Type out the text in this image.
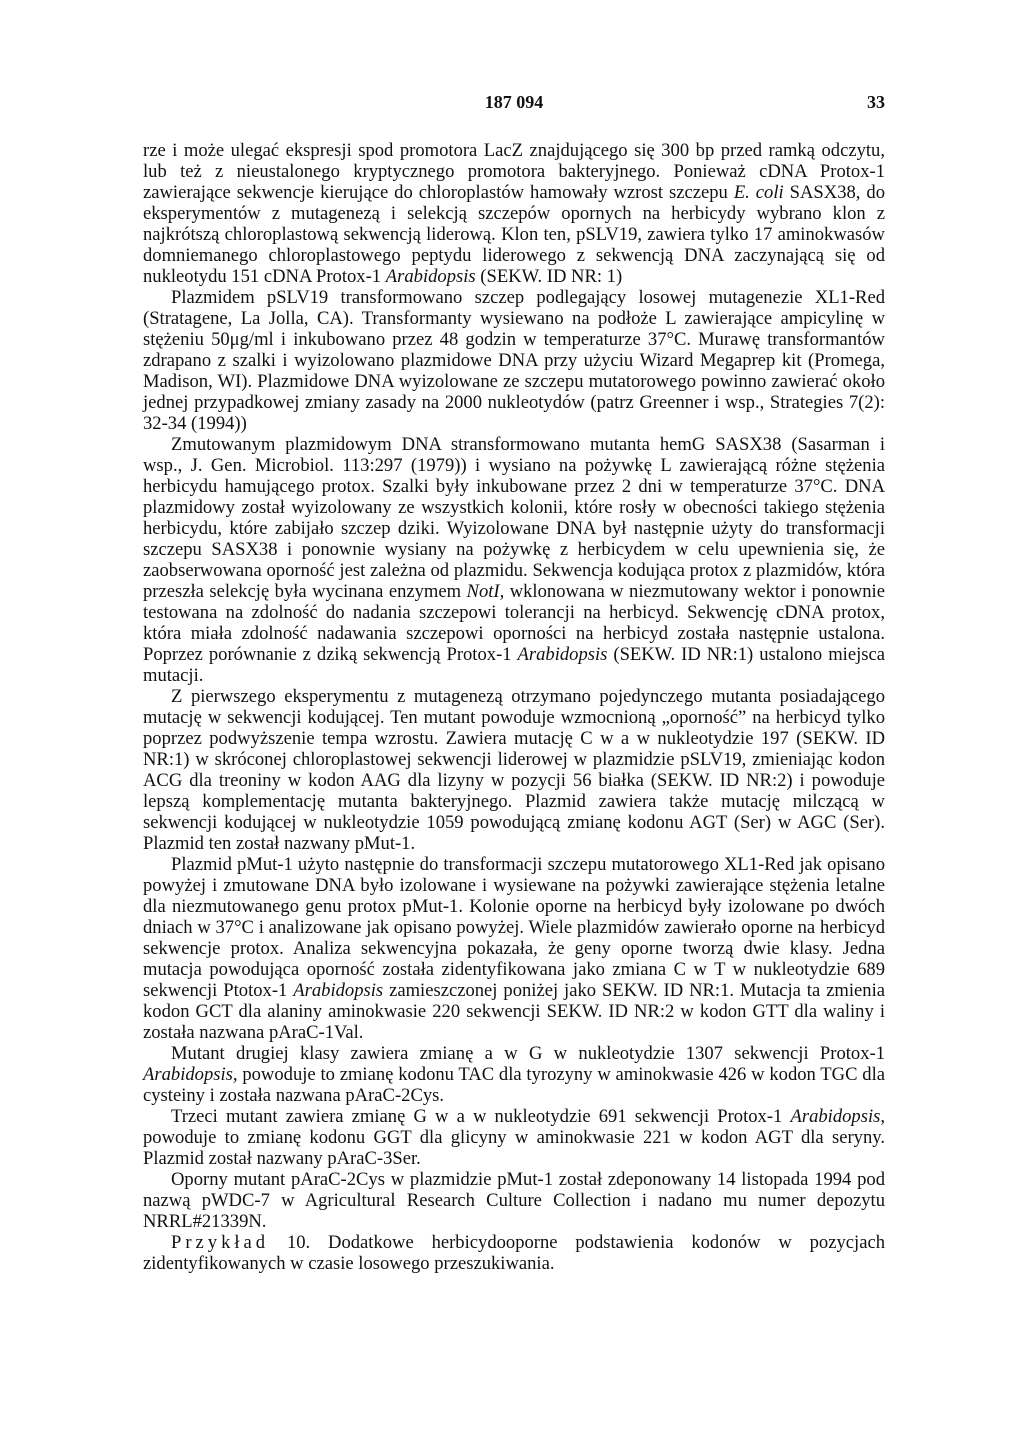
187 094	33

rze i może ulegać ekspresji spod promotora LacZ znajdującego się 300 bp przed ramką odczytu, lub też z nieustalonego kryptycznego promotora bakteryjnego. Ponieważ cDNA Protox-1 zawierające sekwencje kierujące do chloroplastów hamowały wzrost szczepu E. coli SASX38, do eksperymentów z mutagenezą i selekcją szczepów opornych na herbicydy wybrano klon z najkrótszą chloroplastową sekwencją liderową. Klon ten, pSLV19, zawiera tylko 17 aminokwasów domniemanego chloroplastowego peptydu liderowego z sekwencją DNA zaczynającą się od nukleotydu 151 cDNA Protox-1 Arabidopsis (SEKW. ID NR: 1)

Plazmidem pSLV19 transformowano szczep podlegający losowej mutagenezie XL1-Red (Stratagene, La Jolla, CA). Transformanty wysiewano na podłoże L zawierające ampicylinę w stężeniu 50μg/ml i inkubowano przez 48 godzin w temperaturze 37°C. Murawę transformantów zdrapano z szalki i wyizolowano plazmidowe DNA przy użyciu Wizard Megaprep kit (Promega, Madison, WI). Plazmidowe DNA wyizolowane ze szczepu mutatorowego powinno zawierać około jednej przypadkowej zmiany zasady na 2000 nukleotydów (patrz Greenner i wsp., Strategies 7(2): 32-34 (1994))

Zmutowanym plazmidowym DNA stransformowano mutanta hemG SASX38 (Sasarman i wsp., J. Gen. Microbiol. 113:297 (1979)) i wysiano na pożywkę L zawierającą różne stężenia herbicydu hamującego protox. Szalki były inkubowane przez 2 dni w temperaturze 37°C. DNA plazmidowy został wyizolowany ze wszystkich kolonii, które rosły w obecności takiego stężenia herbicydu, które zabijało szczep dziki. Wyizolowane DNA był następnie użyty do transformacji szczepu SASX38 i ponownie wysiany na pożywkę z herbicydem w celu upewnienia się, że zaobserwowana oporność jest zależna od plazmidu. Sekwencja kodująca protox z plazmidów, która przeszła selekcję była wycinana enzymem NotI, wklonowana w niezmutowany wektor i ponownie testowana na zdolność do nadania szczepowi tolerancji na herbicyd. Sekwencję cDNA protox, która miała zdolność nadawania szczepowi oporności na herbicyd została następnie ustalona. Poprzez porównanie z dziką sekwencją Protox-1 Arabidopsis (SEKW. ID NR:1) ustalono miejsca mutacji.

Z pierwszego eksperymentu z mutagenezą otrzymano pojedynczego mutanta posiadającego mutację w sekwencji kodującej. Ten mutant powoduje wzmocnioną „oporność” na herbicyd tylko poprzez podwyższenie tempa wzrostu. Zawiera mutację C w a w nukleotydzie 197 (SEKW. ID NR:1) w skróconej chloroplastowej sekwencji liderowej w plazmidzie pSLV19, zmieniając kodon ACG dla treoniny w kodon AAG dla lizyny w pozycji 56 białka (SEKW. ID NR:2) i powoduje lepszą komplementację mutanta bakteryjnego. Plazmid zawiera także mutację milczącą w sekwencji kodującej w nukleotydzie 1059 powodującą zmianę kodonu AGT (Ser) w AGC (Ser). Plazmid ten został nazwany pMut-1.

Plazmid pMut-1 użyto następnie do transformacji szczepu mutatorowego XL1-Red jak opisano powyżej i zmutowane DNA było izolowane i wysiewane na pożywki zawierające stężenia letalne dla niezmutowanego genu protox pMut-1. Kolonie oporne na herbicyd były izolowane po dwóch dniach w 37°C i analizowane jak opisano powyżej. Wiele plazmidów zawierało oporne na herbicyd sekwencje protox. Analiza sekwencyjna pokazała, że geny oporne tworzą dwie klasy. Jedna mutacja powodująca oporność została zidentyfikowana jako zmiana C w T w nukleotydzie 689 sekwencji Ptotox-1 Arabidopsis zamieszczonej poniżej jako SEKW. ID NR:1. Mutacja ta zmienia kodon GCT dla alaniny aminokwasie 220 sekwencji SEKW. ID NR:2 w kodon GTT dla waliny i została nazwana pAraC-1Val.

Mutant drugiej klasy zawiera zmianę a w G w nukleotydzie 1307 sekwencji Protox-1 Arabidopsis, powoduje to zmianę kodonu TAC dla tyrozyny w aminokwasie 426 w kodon TGC dla cysteiny i została nazwana pAraC-2Cys.

Trzeci mutant zawiera zmianę G w a w nukleotydzie 691 sekwencji Protox-1 Arabidopsis, powoduje to zmianę kodonu GGT dla glicyny w aminokwasie 221 w kodon AGT dla seryny. Plazmid został nazwany pAraC-3Ser.

Oporny mutant pAraC-2Cys w plazmidzie pMut-1 został zdeponowany 14 listopada 1994 pod nazwą pWDC-7 w Agricultural Research Culture Collection i nadano mu numer depozytu NRRL#21339N.

Przykład 10. Dodatkowe herbicydooporne podstawienia kodonów w pozycjach zidentyfikowanych w czasie losowego przeszukiwania.
